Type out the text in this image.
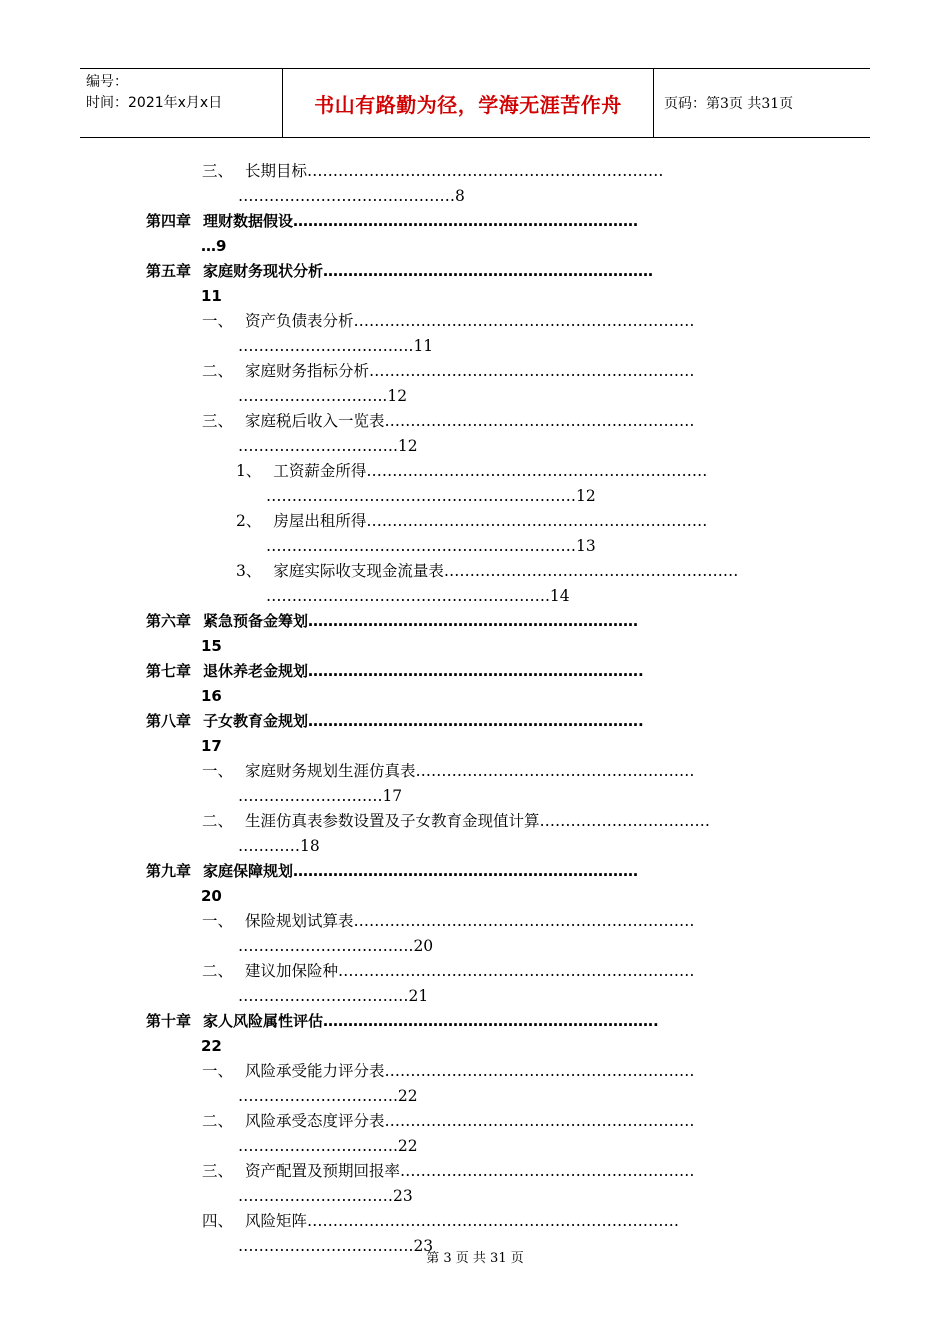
编号：
时间：2021年x月x日	书山有路勤为径，学海无涯苦作舟	页码：第3页 共31页
三、 长期目标……………………………………………………………
……………………………………8
第四章 理财数据假设……………………………………………………………
…9
第五章 家庭财务现状分析…………………………………………………………
11
一、 资产负债表分析…………………………………………………………
…………………………….11
二、 家庭财务指标分析………………………………………………………
………………………..12
三、 家庭税后收入一览表……………………………………………………
………………………….12
1、 工资薪金所得…………………………………………………………
……………………………………………………12
2、 房屋出租所得…………………………………………………………
……………………………………………………13
3、 家庭实际收支现金流量表…………………………………………………
……………………………………………….14
第六章 紧急预备金筹划…………………………………………………………
15
第七章 退休养老金规划………………………………………………………….
16
第八章 子女教育金规划………………………………………………………….
17
一、 家庭财务规划生涯仿真表………………………………………………
……………………….17
二、 生涯仿真表参数设置及子女教育金现值计算……………………………
…………18
第九章 家庭保障规划……………………………………………………………
20
一、 保险规划试算表…………………………………………………………
…………………………….20
二、 建议加保险种……………………………………………………………
……………………………21
第十章 家人风险属性评估………………………………………………………….
22
一、 风险承受能力评分表……………………………………………………
………………………….22
二、 风险承受态度评分表……………………………………………………
………………………….22
三、 资产配置及预期回报率…………………………………………………
…………………………23
四、 风险矩阵………………………………………………………………
…………………………….23
第 3 页 共 31 页
